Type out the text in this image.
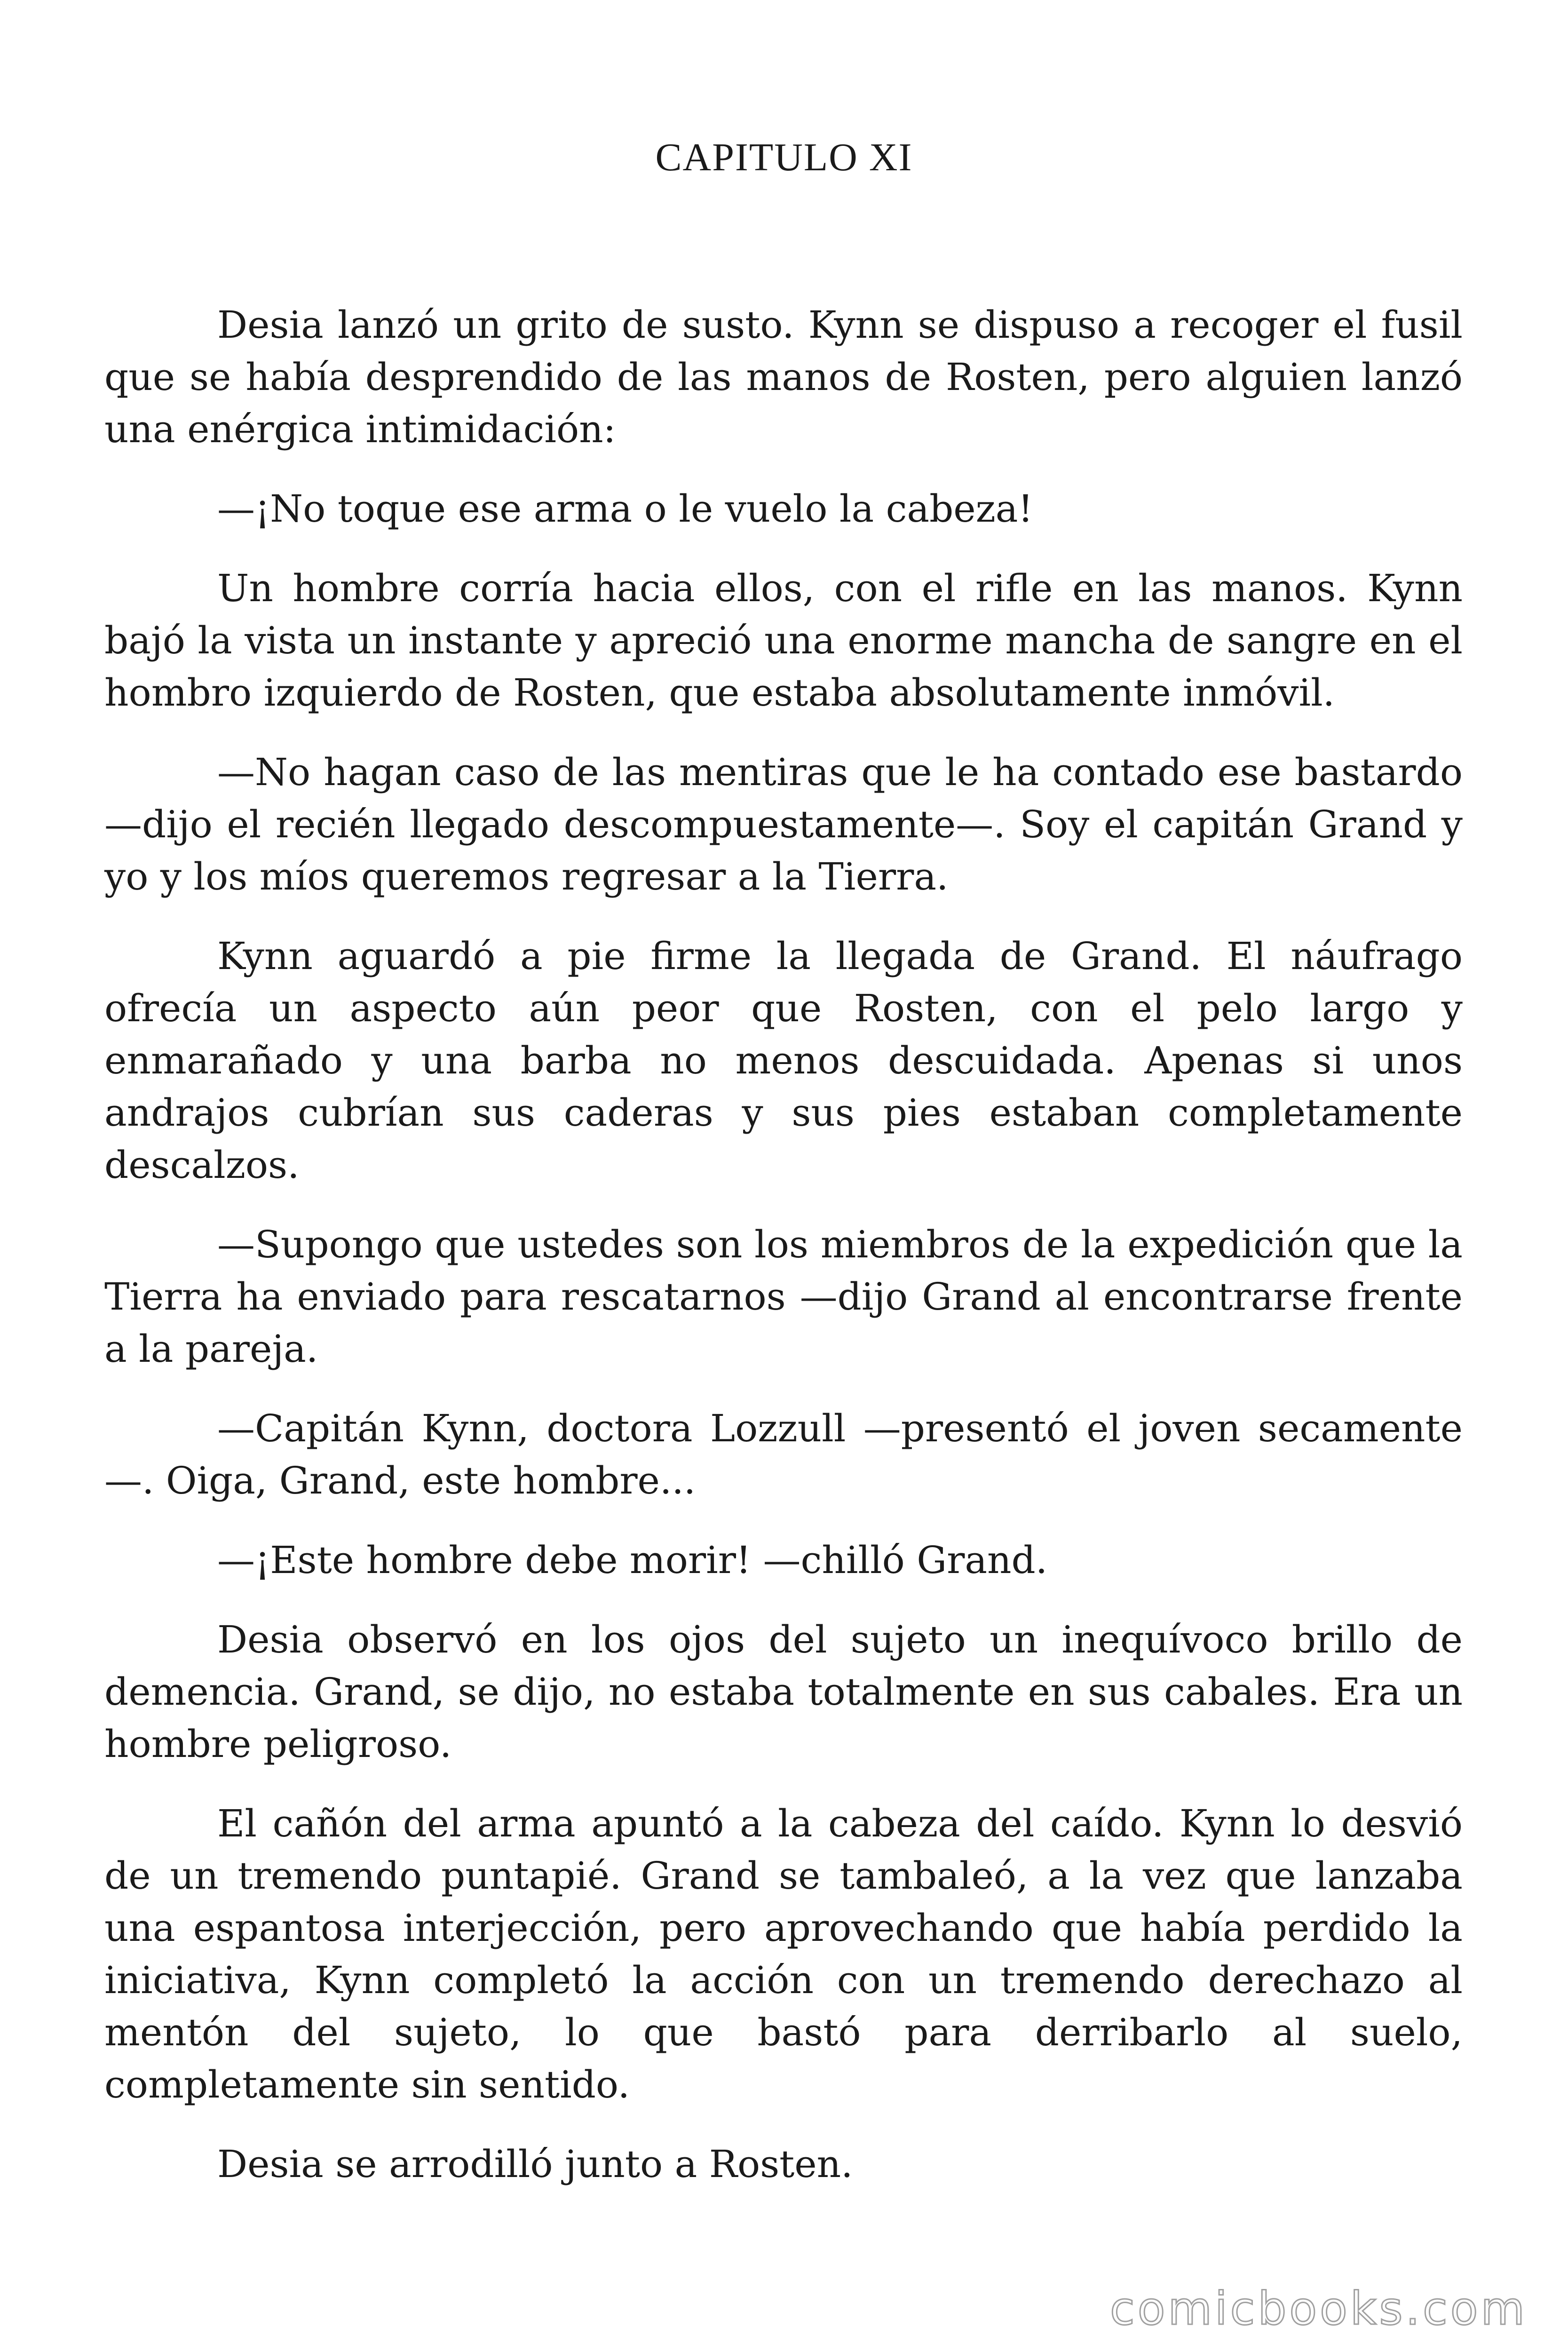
CAPITULO XI

Desia lanzó un grito de susto. Kynn se dispuso a recoger el fusil que se había desprendido de las manos de Rosten, pero alguien lanzó una enérgica intimidación:

—¡No toque ese arma o le vuelo la cabeza!

Un hombre corría hacia ellos, con el rifle en las manos. Kynn bajó la vista un instante y apreció una enorme mancha de sangre en el hombro izquierdo de Rosten, que estaba absolutamente inmóvil.

—No hagan caso de las mentiras que le ha contado ese bastardo —dijo el recién llegado descompuestamente—. Soy el capitán Grand y yo y los míos queremos regresar a la Tierra.

Kynn aguardó a pie firme la llegada de Grand. El náufrago ofrecía un aspecto aún peor que Rosten, con el pelo largo y enmarañado y una barba no menos descuidada. Apenas si unos andrajos cubrían sus caderas y sus pies estaban completamente descalzos.

—Supongo que ustedes son los miembros de la expedición que la Tierra ha enviado para rescatarnos —dijo Grand al encontrarse frente a la pareja.

—Capitán Kynn, doctora Lozzull —presentó el joven secamente —. Oiga, Grand, este hombre...

—¡Este hombre debe morir! —chilló Grand.

Desia observó en los ojos del sujeto un inequívoco brillo de demencia. Grand, se dijo, no estaba totalmente en sus cabales. Era un hombre peligroso.

El cañón del arma apuntó a la cabeza del caído. Kynn lo desvió de un tremendo puntapié. Grand se tambaleó, a la vez que lanzaba una espantosa interjección, pero aprovechando que había perdido la iniciativa, Kynn completó la acción con un tremendo derechazo al mentón del sujeto, lo que bastó para derribarlo al suelo, completamente sin sentido.

Desia se arrodilló junto a Rosten.

comicbooks.com
